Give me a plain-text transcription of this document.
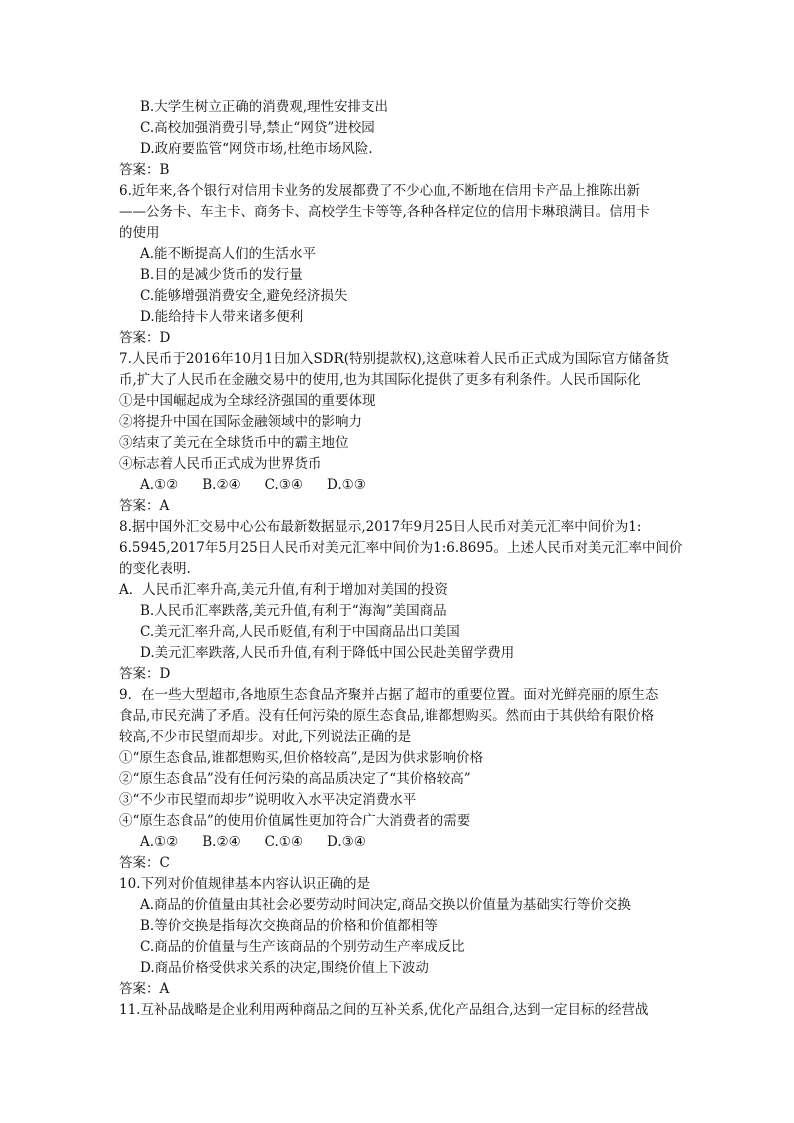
B.大学生树立正确的消费观,理性安排支出
C.高校加强消费引导,禁止“网贷”进校园
D.政府要监管“网贷市场,杜绝市场风险.
答案：B
6.近年来,各个银行对信用卡业务的发展都费了不少心血,不断地在信用卡产品上推陈出新
——公务卡、车主卡、商务卡、高校学生卡等等,各种各样定位的信用卡琳琅满目。信用卡
的使用
A.能不断提高人们的生活水平
B.目的是减少货币的发行量
C.能够增强消费安全,避免经济损失
D.能给持卡人带来诸多便利
答案：D
7.人民币于2016年10月1日加入SDR(特别提款权),这意味着人民币正式成为国际官方储备货
币,扩大了人民币在金融交易中的使用,也为其国际化提供了更多有利条件。人民币国际化
①是中国崛起成为全球经济强国的重要体现
②将提升中国在国际金融领域中的影响力
③结束了美元在全球货币中的霸主地位
④标志着人民币正式成为世界货币
A.①② B.②④ C.③④ D.①③
答案：A
8.据中国外汇交易中心公布最新数据显示,2017年9月25日人民币对美元汇率中间价为1:
6.5945,2017年5月25日人民币对美元汇率中间价为1:6.8695。上述人民币对美元汇率中间价
的变化表明.
A．人民币汇率升高,美元升值,有利于增加对美国的投资
B.人民币汇率跌落,美元升值,有利于“海淘”美国商品
C.美元汇率升高,人民币贬值,有利于中国商品出口美国
D.美元汇率跌落,人民币升值,有利于降低中国公民赴美留学费用
答案：D
9．在一些大型超市,各地原生态食品齐聚并占据了超市的重要位置。面对光鲜亮丽的原生态
食品,市民充满了矛盾。没有任何污染的原生态食品,谁都想购买。然而由于其供给有限价格
较高,不少市民望而却步。对此,下列说法正确的是
①“原生态食品,谁都想购买,但价格较高”,是因为供求影响价格
②“原生态食品”没有任何污染的高品质决定了“其价格较高”
③“不少市民望而却步”说明收入水平决定消费水平
④“原生态食品”的使用价值属性更加符合广大消费者的需要
A.①② B.②④ C.①④ D.③④
答案：C
10.下列对价值规律基本内容认识正确的是
A.商品的价值量由其社会必要劳动时间决定,商品交换以价值量为基础实行等价交换
B.等价交换是指每次交换商品的价格和价值都相等
C.商品的价值量与生产该商品的个别劳动生产率成反比
D.商品价格受供求关系的决定,围绕价值上下波动
答案：A
11.互补品战略是企业利用两种商品之间的互补关系,优化产品组合,达到一定目标的经营战
